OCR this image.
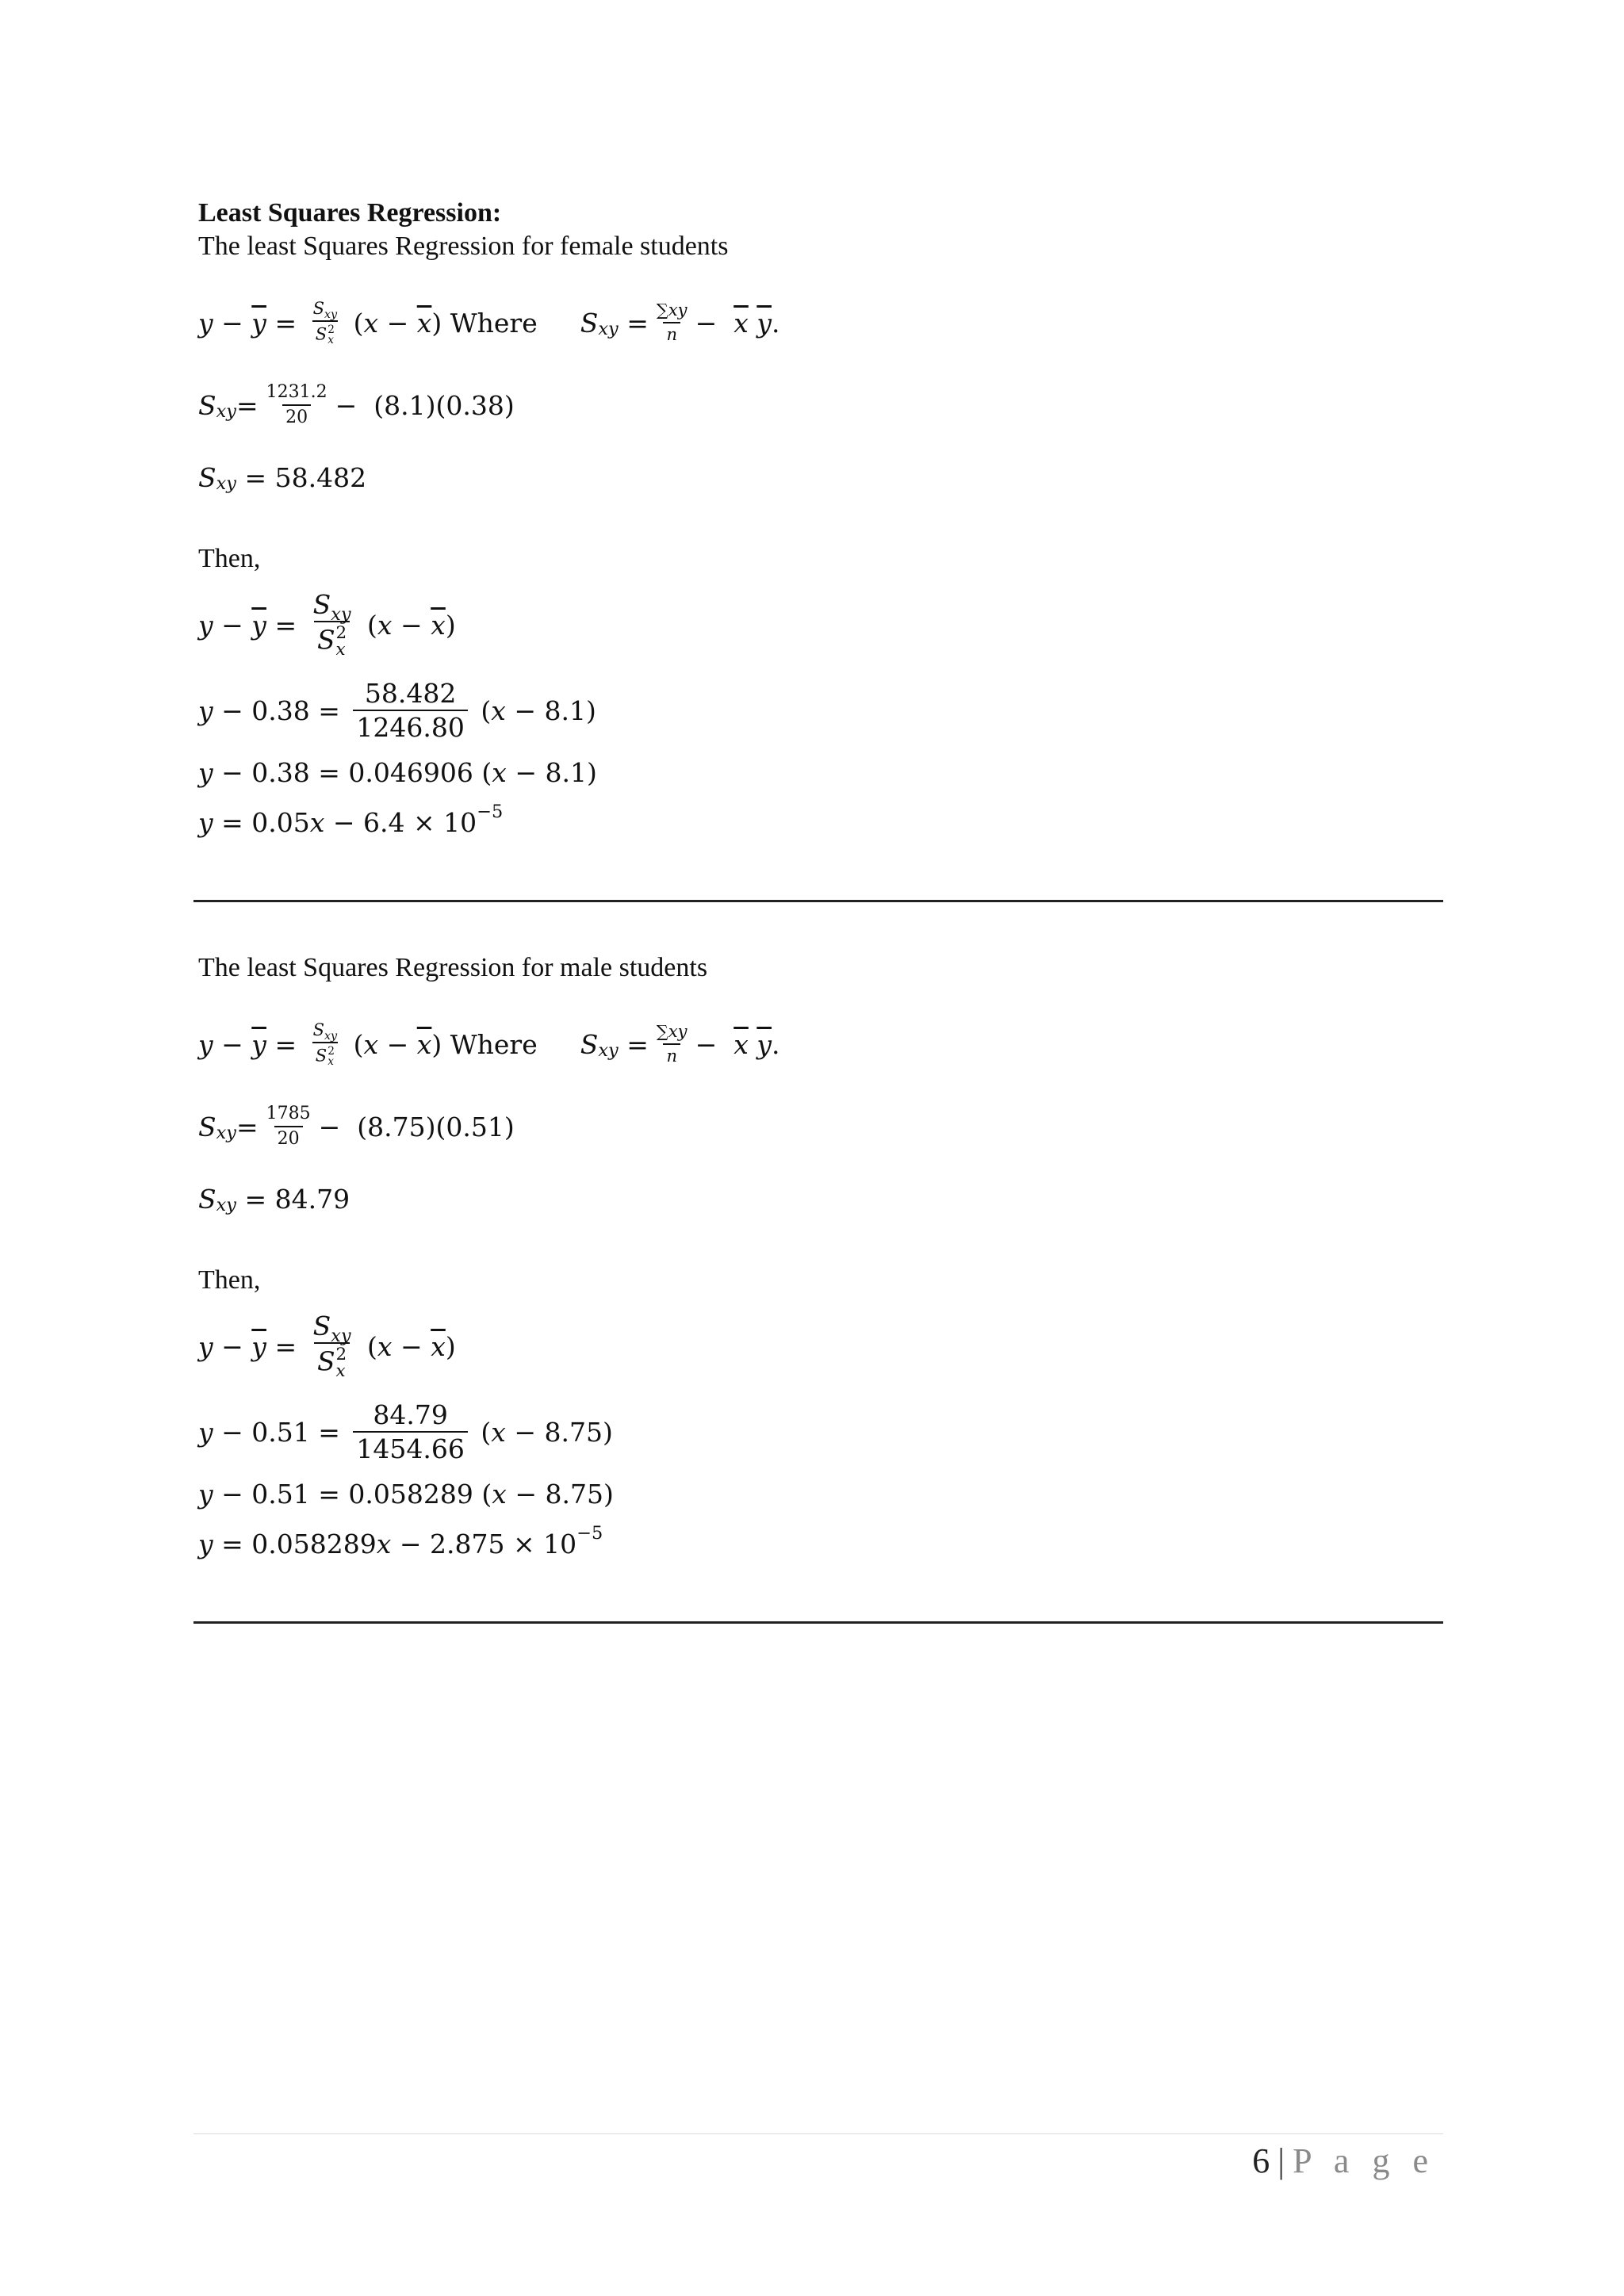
Least Squares Regression:
The least Squares Regression for female students
$y - \overline{y} = S_{xy}$
S 2
x ( $x - \overline{x}$ ) Where S xy = $\frac{\sum xy}{n} - \overline{x}$
$\overline{y}$ .
S xy = $\frac{1231.2}{20} - (8.1)(0.38)$
S xy = 58.482
Then,
$y - \overline{y} = S_{xy}$
S 2
x ( $x - \overline{x}$ )
$y - 0.38 = \frac{58.482}{1246.80}$ ( x − 8.1 )
y − 0.38 = 0.046906 ( x − 8.1 )
y = 0.05 x − 6.4 × 10 −5
The least Squares Regression for male students
$y - \overline{y} = S_{xy}$
S 2
x ( $x - \overline{x}$ ) Where S xy = $\frac{\sum xy}{n} - \overline{x}$
$\overline{y}$ .
S xy = $\frac{1785}{20} - (8.75)(0.51)$
S xy = 84.79
Then,
$y - \overline{y} = S_{xy}$
S 2
x ( $x - \overline{x}$ )
$y - 0.51 = \frac{84.79}{1454.66}$ ( x − 8.75 )
y − 0.51 = 0.058289 ( x − 8.75 )
y = 0.058289 x − 2.875 × 10 −5
6 | P a g e
